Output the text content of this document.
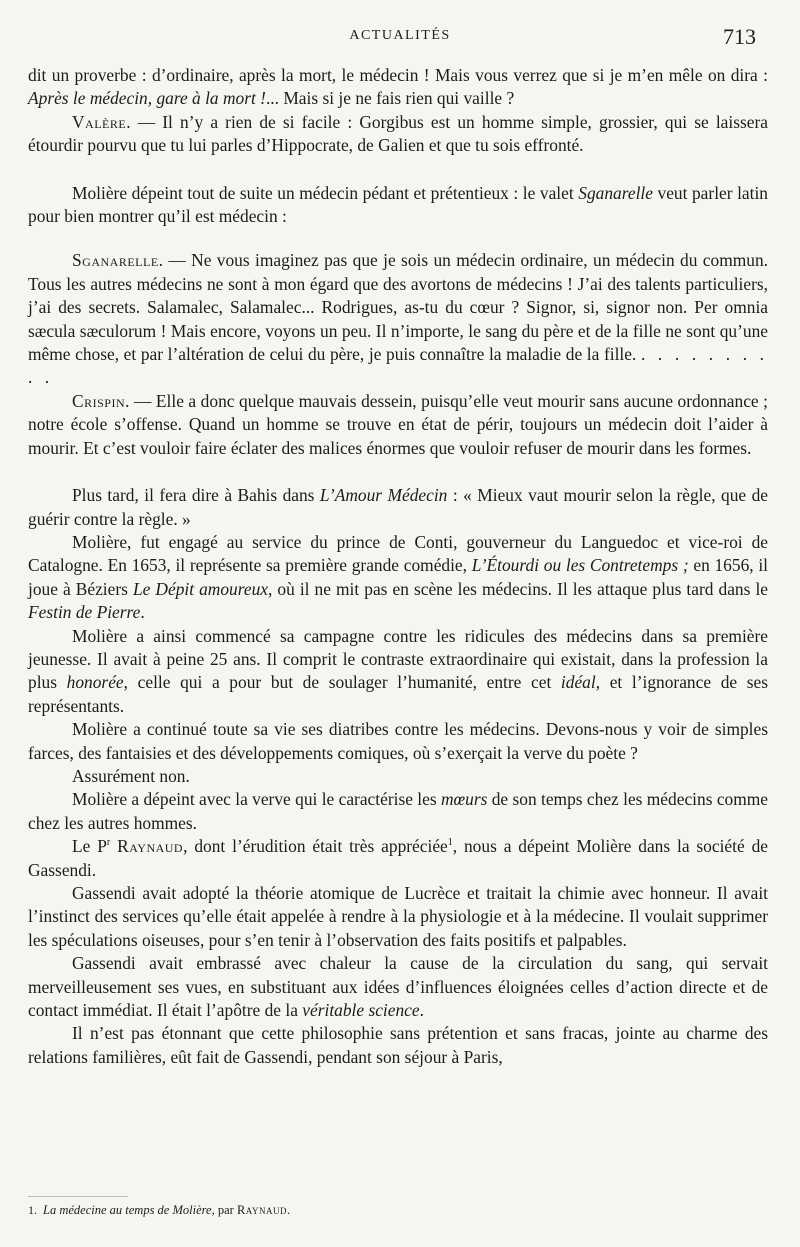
ACTUALITÉS	713

dit un proverbe : d’ordinaire, après la mort, le médecin ! Mais vous verrez que si je m’en mêle on dira : Après le médecin, gare à la mort !... Mais si je ne fais rien qui vaille ?

Valère. — Il n’y a rien de si facile : Gorgibus est un homme simple, grossier, qui se laissera étourdir pourvu que tu lui parles d’Hippocrate, de Galien et que tu sois effronté.

Molière dépeint tout de suite un médecin pédant et prétentieux : le valet Sganarelle veut parler latin pour bien montrer qu’il est médecin :

Sganarelle. — Ne vous imaginez pas que je sois un médecin ordinaire, un médecin du commun. Tous les autres médecins ne sont à mon égard que des avortons de médecins ! J’ai des talents particuliers, j’ai des secrets. Salamalec, Salamalec... Rodrigues, as-tu du cœur ? Signor, si, signor non. Per omnia sæcula sæculorum ! Mais encore, voyons un peu. Il n’importe, le sang du père et de la fille ne sont qu’une même chose, et par l’altération de celui du père, je puis connaître la maladie de la fille. . . . . . . . . . .

Crispin. — Elle a donc quelque mauvais dessein, puisqu’elle veut mourir sans aucune ordonnance ; notre école s’offense. Quand un homme se trouve en état de périr, toujours un médecin doit l’aider à mourir. Et c’est vouloir faire éclater des malices énormes que vouloir refuser de mourir dans les formes.

Plus tard, il fera dire à Bahis dans L’Amour Médecin : « Mieux vaut mourir selon la règle, que de guérir contre la règle. »

Molière, fut engagé au service du prince de Conti, gouverneur du Languedoc et vice-roi de Catalogne. En 1653, il représente sa première grande comédie, L’Étourdi ou les Contretemps ; en 1656, il joue à Béziers Le Dépit amoureux, où il ne mit pas en scène les médecins. Il les attaque plus tard dans le Festin de Pierre.

Molière a ainsi commencé sa campagne contre les ridicules des médecins dans sa première jeunesse. Il avait à peine 25 ans. Il comprit le contraste extraordinaire qui existait, dans la profession la plus honorée, celle qui a pour but de soulager l’humanité, entre cet idéal, et l’ignorance de ses représentants.

Molière a continué toute sa vie ses diatribes contre les médecins. Devons-nous y voir de simples farces, des fantaisies et des développements comiques, où s’exerçait la verve du poète ?

Assurément non.

Molière a dépeint avec la verve qui le caractérise les mœurs de son temps chez les médecins comme chez les autres hommes.

Le $P^r$ Raynaud, dont l’érudition était très appréciée$^1$, nous a dépeint Molière dans la société de Gassendi.

Gassendi avait adopté la théorie atomique de Lucrèce et traitait la chimie avec honneur. Il avait l’instinct des services qu’elle était appelée à rendre à la physiologie et à la médecine. Il voulait supprimer les spéculations oiseuses, pour s’en tenir à l’observation des faits positifs et palpables.

Gassendi avait embrassé avec chaleur la cause de la circulation du sang, qui servait merveilleusement ses vues, en substituant aux idées d’influences éloignées celles d’action directe et de contact immédiat. Il était l’apôtre de la véritable science.

Il n’est pas étonnant que cette philosophie sans prétention et sans fracas, jointe au charme des relations familières, eût fait de Gassendi, pendant son séjour à Paris,

1. La médecine au temps de Molière, par Raynaud.
